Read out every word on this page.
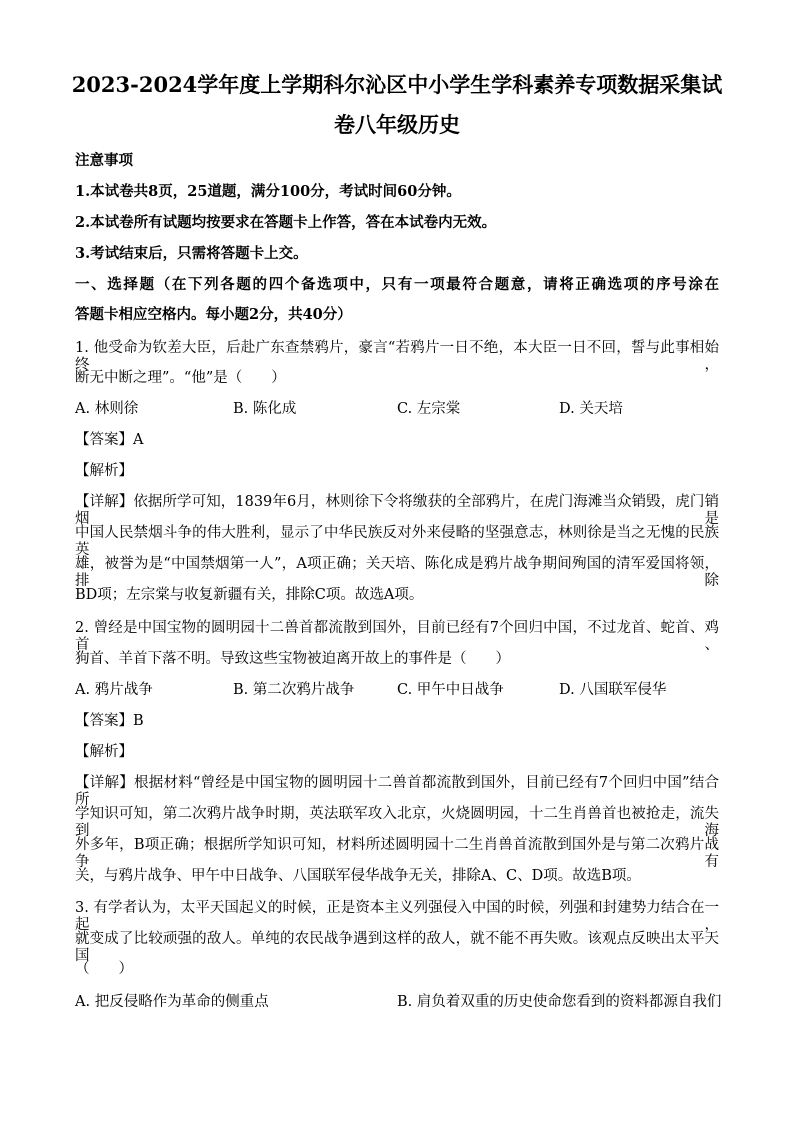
2023-2024学年度上学期科尔沁区中小学生学科素养专项数据采集试
卷八年级历史
注意事项
1.本试卷共8页，25道题，满分100分，考试时间60分钟。
2.本试卷所有试题均按要求在答题卡上作答，答在本试卷内无效。
3.考试结束后，只需将答题卡上交。
一、选择题（在下列各题的四个备选项中，只有一项最符合题意，请将正确选项的序号涂在
答题卡相应空格内。每小题2分，共40分）
1. 他受命为钦差大臣，后赴广东查禁鸦片，豪言“若鸦片一日不绝，本大臣一日不回，誓与此事相始终，
断无中断之理”。“他”是（　　）
A. 林则徐	B. 陈化成	C. 左宗棠	D. 关天培
【答案】A
【解析】
【详解】依据所学可知，1839年6月，林则徐下令将缴获的全部鸦片，在虎门海滩当众销毁，虎门销烟是
中国人民禁烟斗争的伟大胜利，显示了中华民族反对外来侵略的坚强意志，林则徐是当之无愧的民族英
雄，被誉为是“中国禁烟第一人”，A项正确；关天培、陈化成是鸦片战争期间殉国的清军爱国将领，排除
BD项；左宗棠与收复新疆有关，排除C项。故选A项。
2. 曾经是中国宝物的圆明园十二兽首都流散到国外，目前已经有7个回归中国，不过龙首、蛇首、鸡首、
狗首、羊首下落不明。导致这些宝物被迫离开故上的事件是（　　）
A. 鸦片战争	B. 第二次鸦片战争	C. 甲午中日战争	D. 八国联军侵华
【答案】B
【解析】
【详解】根据材料“曾经是中国宝物的圆明园十二兽首都流散到国外，目前已经有7个回归中国”结合所
学知识可知，第二次鸦片战争时期，英法联军攻入北京，火烧圆明园，十二生肖兽首也被抢走，流失到海
外多年，B项正确；根据所学知识可知，材料所述圆明园十二生肖兽首流散到国外是与第二次鸦片战争有
关，与鸦片战争、甲午中日战争、八国联军侵华战争无关，排除A、C、D项。故选B项。
3. 有学者认为，太平天国起义的时候，正是资本主义列强侵入中国的时候，列强和封建势力结合在一起，
就变成了比较顽强的敌人。单纯的农民战争遇到这样的敌人，就不能不再失败。该观点反映出太平天国
（　　）
A. 把反侵略作为革命的侧重点	B. 肩负着双重的历史使命您看到的资料都源自我们
